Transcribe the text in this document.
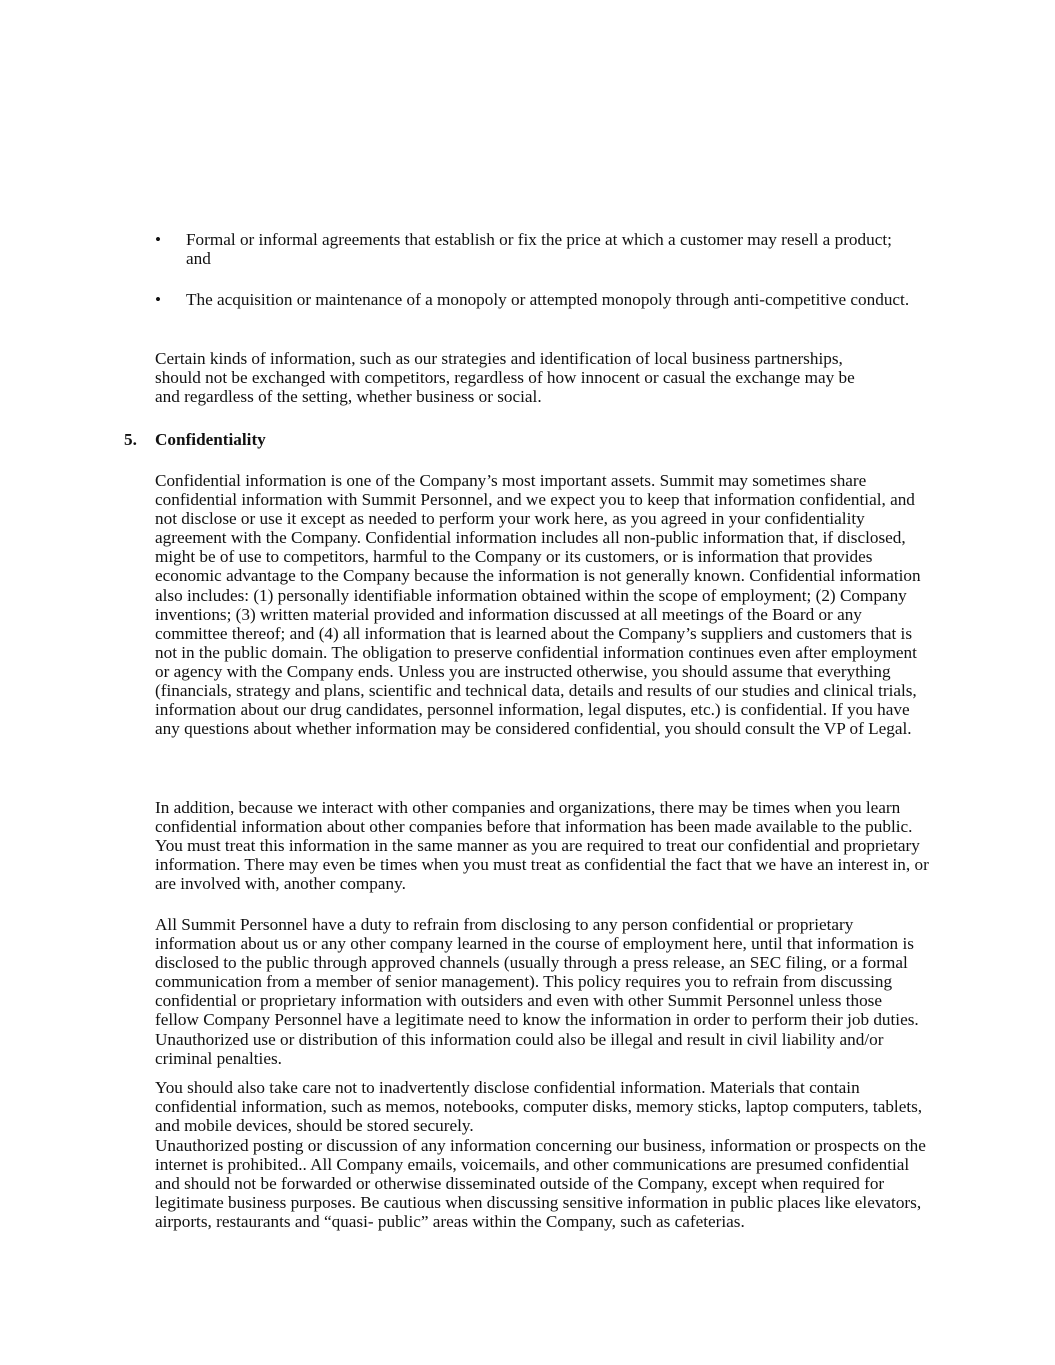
• Formal or informal agreements that establish or fix the price at which a customer may resell a product; and
• The acquisition or maintenance of a monopoly or attempted monopoly through anti-competitive conduct.

Certain kinds of information, such as our strategies and identification of local business partnerships, should not be exchanged with competitors, regardless of how innocent or casual the exchange may be and regardless of the setting, whether business or social.

5. Confidentiality

Confidential information is one of the Company’s most important assets. Summit may sometimes share confidential information with Summit Personnel, and we expect you to keep that information confidential, and not disclose or use it except as needed to perform your work here, as you agreed in your confidentiality agreement with the Company. Confidential information includes all non-public information that, if disclosed, might be of use to competitors, harmful to the Company or its customers, or is information that provides economic advantage to the Company because the information is not generally known. Confidential information also includes: (1) personally identifiable information obtained within the scope of employment; (2) Company inventions; (3) written material provided and information discussed at all meetings of the Board or any committee thereof; and (4) all information that is learned about the Company’s suppliers and customers that is not in the public domain. The obligation to preserve confidential information continues even after employment or agency with the Company ends. Unless you are instructed otherwise, you should assume that everything (financials, strategy and plans, scientific and technical data, details and results of our studies and clinical trials, information about our drug candidates, personnel information, legal disputes, etc.) is confidential. If you have any questions about whether information may be considered confidential, you should consult the VP of Legal.

In addition, because we interact with other companies and organizations, there may be times when you learn confidential information about other companies before that information has been made available to the public. You must treat this information in the same manner as you are required to treat our confidential and proprietary information. There may even be times when you must treat as confidential the fact that we have an interest in, or are involved with, another company.

All Summit Personnel have a duty to refrain from disclosing to any person confidential or proprietary information about us or any other company learned in the course of employment here, until that information is disclosed to the public through approved channels (usually through a press release, an SEC filing, or a formal communication from a member of senior management). This policy requires you to refrain from discussing confidential or proprietary information with outsiders and even with other Summit Personnel unless those fellow Company Personnel have a legitimate need to know the information in order to perform their job duties. Unauthorized use or distribution of this information could also be illegal and result in civil liability and/or criminal penalties.

You should also take care not to inadvertently disclose confidential information. Materials that contain confidential information, such as memos, notebooks, computer disks, memory sticks, laptop computers, tablets, and mobile devices, should be stored securely.

Unauthorized posting or discussion of any information concerning our business, information or prospects on the internet is prohibited.. All Company emails, voicemails, and other communications are presumed confidential and should not be forwarded or otherwise disseminated outside of the Company, except when required for legitimate business purposes. Be cautious when discussing sensitive information in public places like elevators, airports, restaurants and “quasi- public” areas within the Company, such as cafeterias.
